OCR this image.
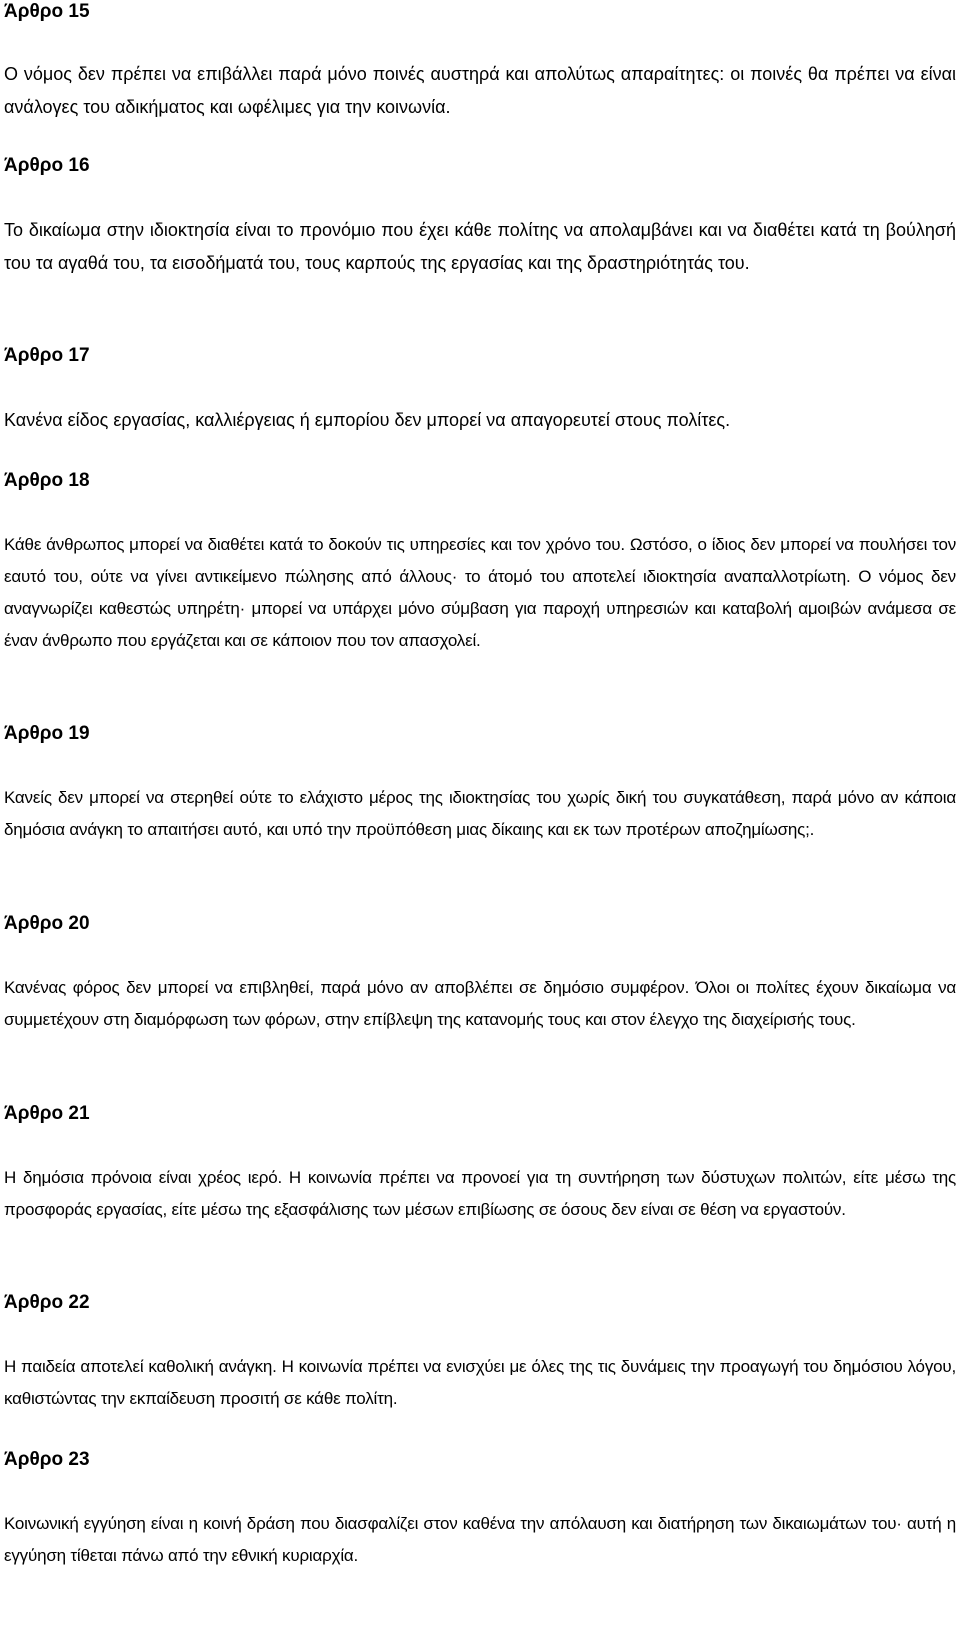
Άρθρο 15
Ο νόμος δεν πρέπει να επιβάλλει παρά μόνο ποινές αυστηρά και απολύτως απαραίτητες: οι ποινές θα πρέπει να είναι ανάλογες του αδικήματος και ωφέλιμες για την κοινωνία.
Άρθρο 16
Το δικαίωμα στην ιδιοκτησία είναι το προνόμιο που έχει κάθε πολίτης να απολαμβάνει και να διαθέτει κατά τη βούλησή του τα αγαθά του, τα εισοδήματά του, τους καρπούς της εργασίας και της δραστηριότητάς του.
Άρθρο 17
Κανένα είδος εργασίας, καλλιέργειας ή εμπορίου δεν μπορεί να απαγορευτεί στους πολίτες.
Άρθρο 18
Κάθε άνθρωπος μπορεί να διαθέτει κατά το δοκούν τις υπηρεσίες και τον χρόνο του. Ωστόσο, ο ίδιος δεν μπορεί να πουλήσει τον εαυτό του, ούτε να γίνει αντικείμενο πώλησης από άλλους· το άτομό του αποτελεί ιδιοκτησία αναπαλλοτρίωτη. Ο νόμος δεν αναγνωρίζει καθεστώς υπηρέτη· μπορεί να υπάρχει μόνο σύμβαση για παροχή υπηρεσιών και καταβολή αμοιβών ανάμεσα σε έναν άνθρωπο που εργάζεται και σε κάποιον που τον απασχολεί.
Άρθρο 19
Κανείς δεν μπορεί να στερηθεί ούτε το ελάχιστο μέρος της ιδιοκτησίας του χωρίς δική του συγκατάθεση, παρά μόνο αν κάποια δημόσια ανάγκη το απαιτήσει αυτό, και υπό την προϋπόθεση μιας δίκαιης και εκ των προτέρων αποζημίωσης;.
Άρθρο 20
Κανένας φόρος δεν μπορεί να επιβληθεί, παρά μόνο αν αποβλέπει σε δημόσιο συμφέρον. Όλοι οι πολίτες έχουν δικαίωμα να συμμετέχουν στη διαμόρφωση των φόρων, στην επίβλεψη της κατανομής τους και στον έλεγχο της διαχείρισής τους.
Άρθρο 21
Η δημόσια πρόνοια είναι χρέος ιερό. Η κοινωνία πρέπει να προνοεί για τη συντήρηση των δύστυχων πολιτών, είτε μέσω της προσφοράς εργασίας, είτε μέσω της εξασφάλισης των μέσων επιβίωσης σε όσους δεν είναι σε θέση να εργαστούν.
Άρθρο 22
Η παιδεία αποτελεί καθολική ανάγκη. Η κοινωνία πρέπει να ενισχύει με όλες της τις δυνάμεις την προαγωγή του δημόσιου λόγου, καθιστώντας την εκπαίδευση προσιτή σε κάθε πολίτη.
Άρθρο 23
Κοινωνική εγγύηση είναι η κοινή δράση που διασφαλίζει στον καθένα την απόλαυση και διατήρηση των δικαιωμάτων του· αυτή η εγγύηση τίθεται πάνω από την εθνική κυριαρχία.
